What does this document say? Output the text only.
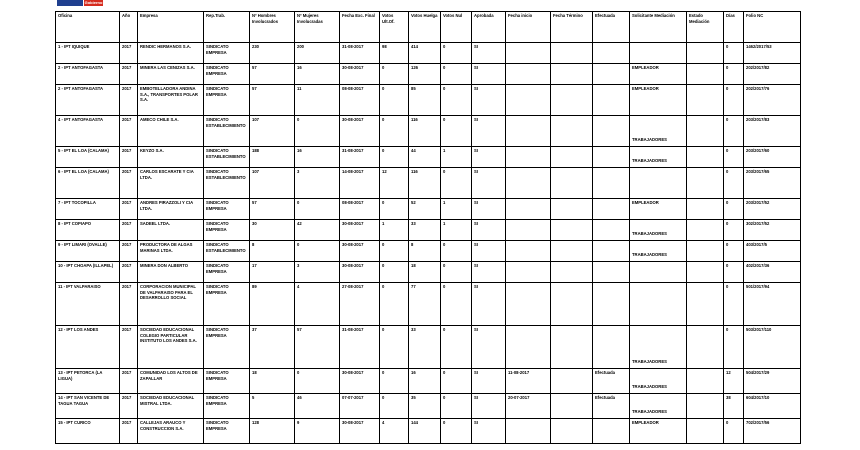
Gobierno de Chile
Oficina	Año	Empresa	Rep.Trab.	Nº Hombres Involucrados	Nº Mujeres Involucradas	Fecha Exc. Final	Votos Ult.Of.	Votos Huelga	Votos Nul	Aprobada	Fecha inicio	Fecha Término	Efectuada	Solicitante Mediación	Estado Mediación	Días	Folio NC
1 - IPT IQUIQUE	2017	RENDIC HERMANOS S.A.	SINDICATO EMPRESA	230	200	31-08-2017	98	414	0	SI						0	1462/2017/53
2 - IPT ANTOFAGASTA	2017	MINERA LAS CENIZAS S.A.	SINDICATO EMPRESA	57	16	30-08-2017	0	126	0	SI				EMPLEADOR		0	202/2017/82
2 - IPT ANTOFAGASTA	2017	EMBOTELLADORA ANDINA S.A., TRANSPORTES POLAR S.A.	SINDICATO EMPRESA	57	11	08-08-2017	0	85	0	SI				EMPLEADOR		0	202/2017/76
4 - IPT ANTOFAGASTA	2017	AMECO CHILE S.A.	SINDICATO ESTABLECIMIENTO	107	0	30-08-2017	0	116	0	SI				TRABAJADORES		0	203/2017/83
5 - IPT EL LOA (CALAMA)	2017	KEYZO S.A.	SINDICATO ESTABLECIMIENTO	188	16	31-08-2017	0	44	1	SI				TRABAJADORES		0	203/2017/60
6 - IPT EL LOA (CALAMA)	2017	CARLOS ESCARATE Y CIA LTDA.	SINDICATO ESTABLECIMIENTO	107	3	14-08-2017	12	116	0	SI						0	203/2017/65
7 - IPT TOCOPILLA	2017	ANDRES PIRAZZOLI Y CIA LTDA.	SINDICATO EMPRESA	57	0	08-08-2017	0	52	1	SI				EMPLEADOR		0	203/2017/52
8 - IPT COPIAPO	2017	SADEEL LTDA.	SINDICATO EMPRESA	30	42	30-08-2017	1	33	1	SI				TRABAJADORES		0	302/2017/52
9 - IPT LIMARI (OVALLE)	2017	PRODUCTORA DE ALGAS MARINAS LTDA.	SINDICATO ESTABLECIMIENTO	8	0	30-08-2017	0	8	0	SI				TRABAJADORES		0	403/2017/5
10 - IPT CHOAPA (ILLAPEL)	2017	MINERA DON ALBERTO	SINDICATO EMPRESA	17	3	30-08-2017	0	18	0	SI						0	402/2017/36
11 - IPT VALPARAISO	2017	CORPORACION MUNICIPAL DE VALPARAISO PARA EL DESARROLLO SOCIAL	SINDICATO EMPRESA	89	4	27-08-2017	0	77	0	SI						0	501/2017/94
12 - IPT LOS ANDES	2017	SOCIEDAD EDUCACIONAL COLEGIO PARTICULAR INSTITUTO LOS ANDES S.A.	SINDICATO EMPRESA	37	57	31-08-2017	0	33	0	SI				TRABAJADORES		0	503/2017/110
13 - IPT PETORCA (LA LIGUA)	2017	COMUNIDAD LOS ALTOS DE ZAPALLAR	SINDICATO EMPRESA	18	0	30-08-2017	0	16	0	SI	11-08-2017		Efectuada	TRABAJADORES		12	504/2017/29
14 - IPT SAN VICENTE DE TAGUA TAGUA	2017	SOCIEDAD EDUCACIONAL MISTRAL LTDA.	SINDICATO EMPRESA	5	46	07-07-2017	0	35	0	SI	20-07-2017		Efectuada	TRABAJADORES		38	604/2017/10
15 - IPT CURICO	2017	CALLEJAS ARAUCO Y CONSTRUCCION S.A.	SINDICATO EMPRESA	128	9	30-08-2017	4	144	0	SI				EMPLEADOR		0	702/2017/56
